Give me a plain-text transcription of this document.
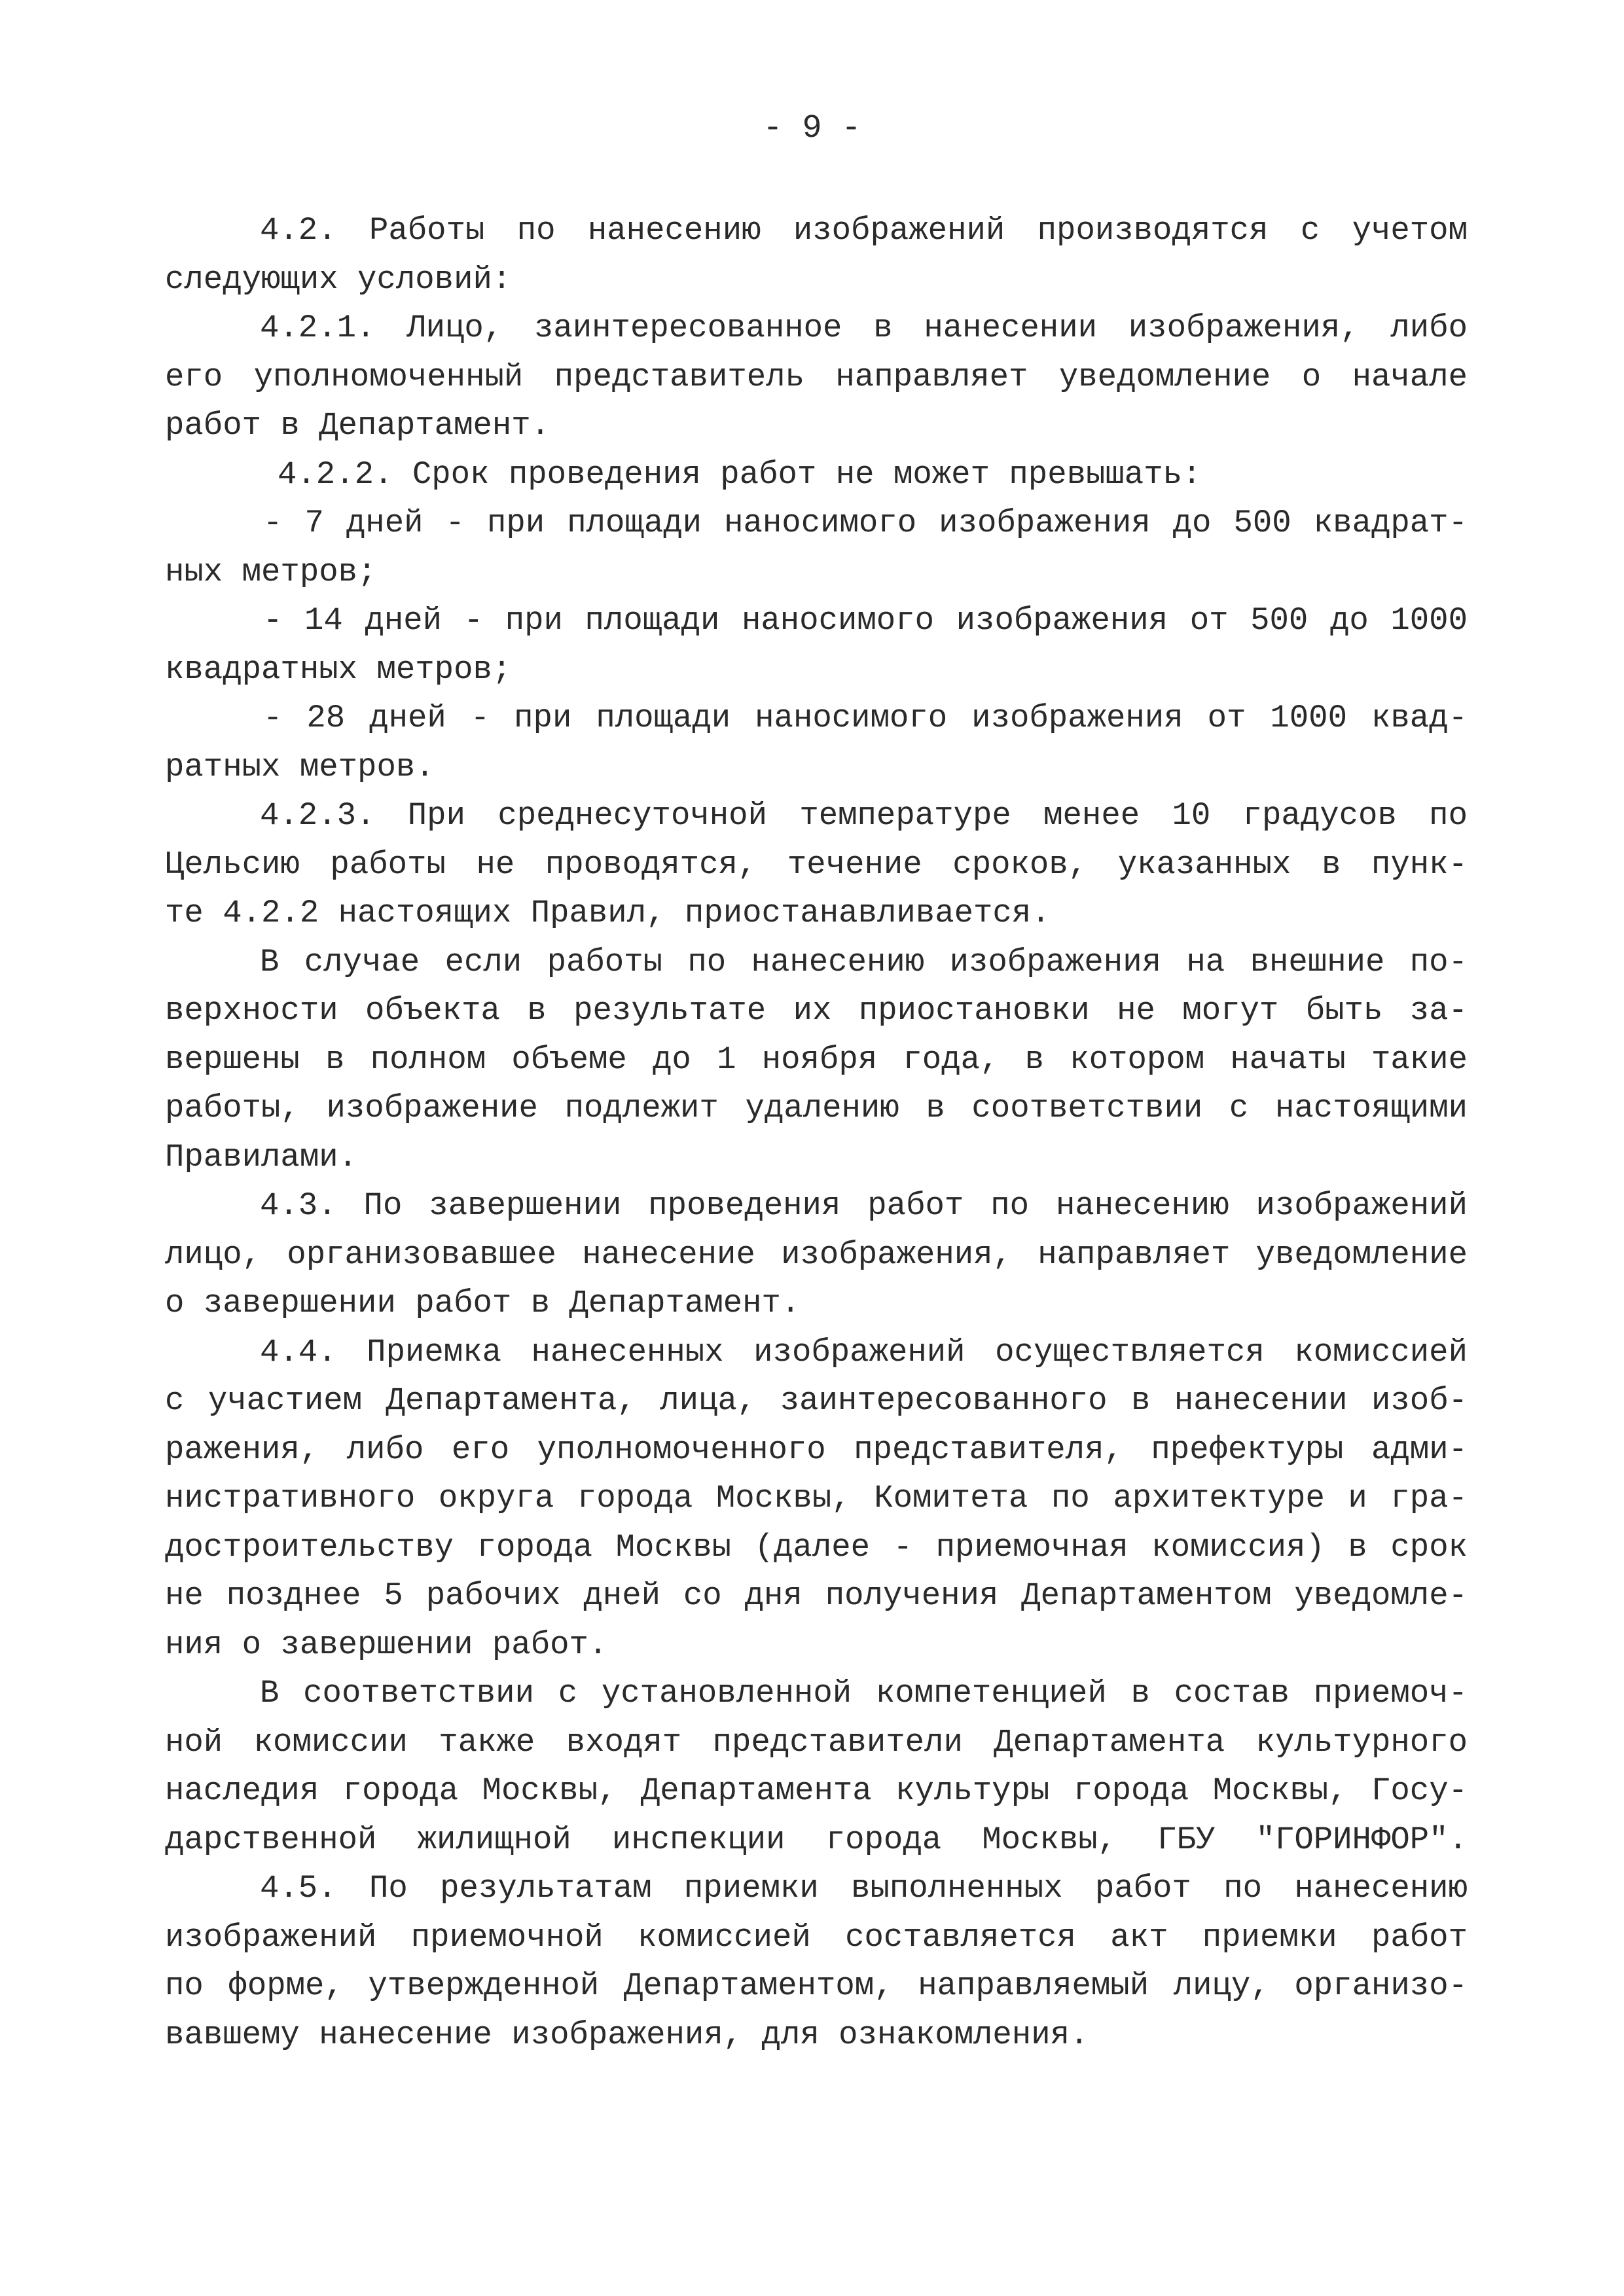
- 9 -
4.2. Работы по нанесению изображений производятся с учетом
следующих условий:
4.2.1. Лицо, заинтересованное в нанесении изображения, либо
его уполномоченный представитель направляет уведомление о начале
работ в Департамент.
4.2.2. Срок проведения работ не может превышать:
- 7 дней - при площади наносимого изображения до 500 квадрат-
ных метров;
- 14 дней - при площади наносимого изображения от 500 до 1000
квадратных метров;
- 28 дней - при площади наносимого изображения от 1000 квад-
ратных метров.
4.2.3. При среднесуточной температуре менее 10 градусов по
Цельсию работы не проводятся, течение сроков, указанных в пунк-
те 4.2.2 настоящих Правил, приостанавливается.
В случае если работы по нанесению изображения на внешние по-
верхности объекта в результате их приостановки не могут быть за-
вершены в полном объеме до 1 ноября года, в котором начаты такие
работы, изображение подлежит удалению в соответствии с настоящими
Правилами.
4.3. По завершении проведения работ по нанесению изображений
лицо, организовавшее нанесение изображения, направляет уведомление
о завершении работ в Департамент.
4.4. Приемка нанесенных изображений осуществляется комиссией
с участием Департамента, лица, заинтересованного в нанесении изоб-
ражения, либо его уполномоченного представителя, префектуры адми-
нистративного округа города Москвы, Комитета по архитектуре и гра-
достроительству города Москвы (далее - приемочная комиссия) в срок
не позднее 5 рабочих дней со дня получения Департаментом уведомле-
ния о завершении работ.
В соответствии с установленной компетенцией в состав приемоч-
ной комиссии также входят представители Департамента культурного
наследия города Москвы, Департамента культуры города Москвы, Госу-
дарственной жилищной инспекции города Москвы, ГБУ "ГОРИНФОР".
4.5. По результатам приемки выполненных работ по нанесению
изображений приемочной комиссией составляется акт приемки работ
по форме, утвержденной Департаментом, направляемый лицу, организо-
вавшему нанесение изображения, для ознакомления.
